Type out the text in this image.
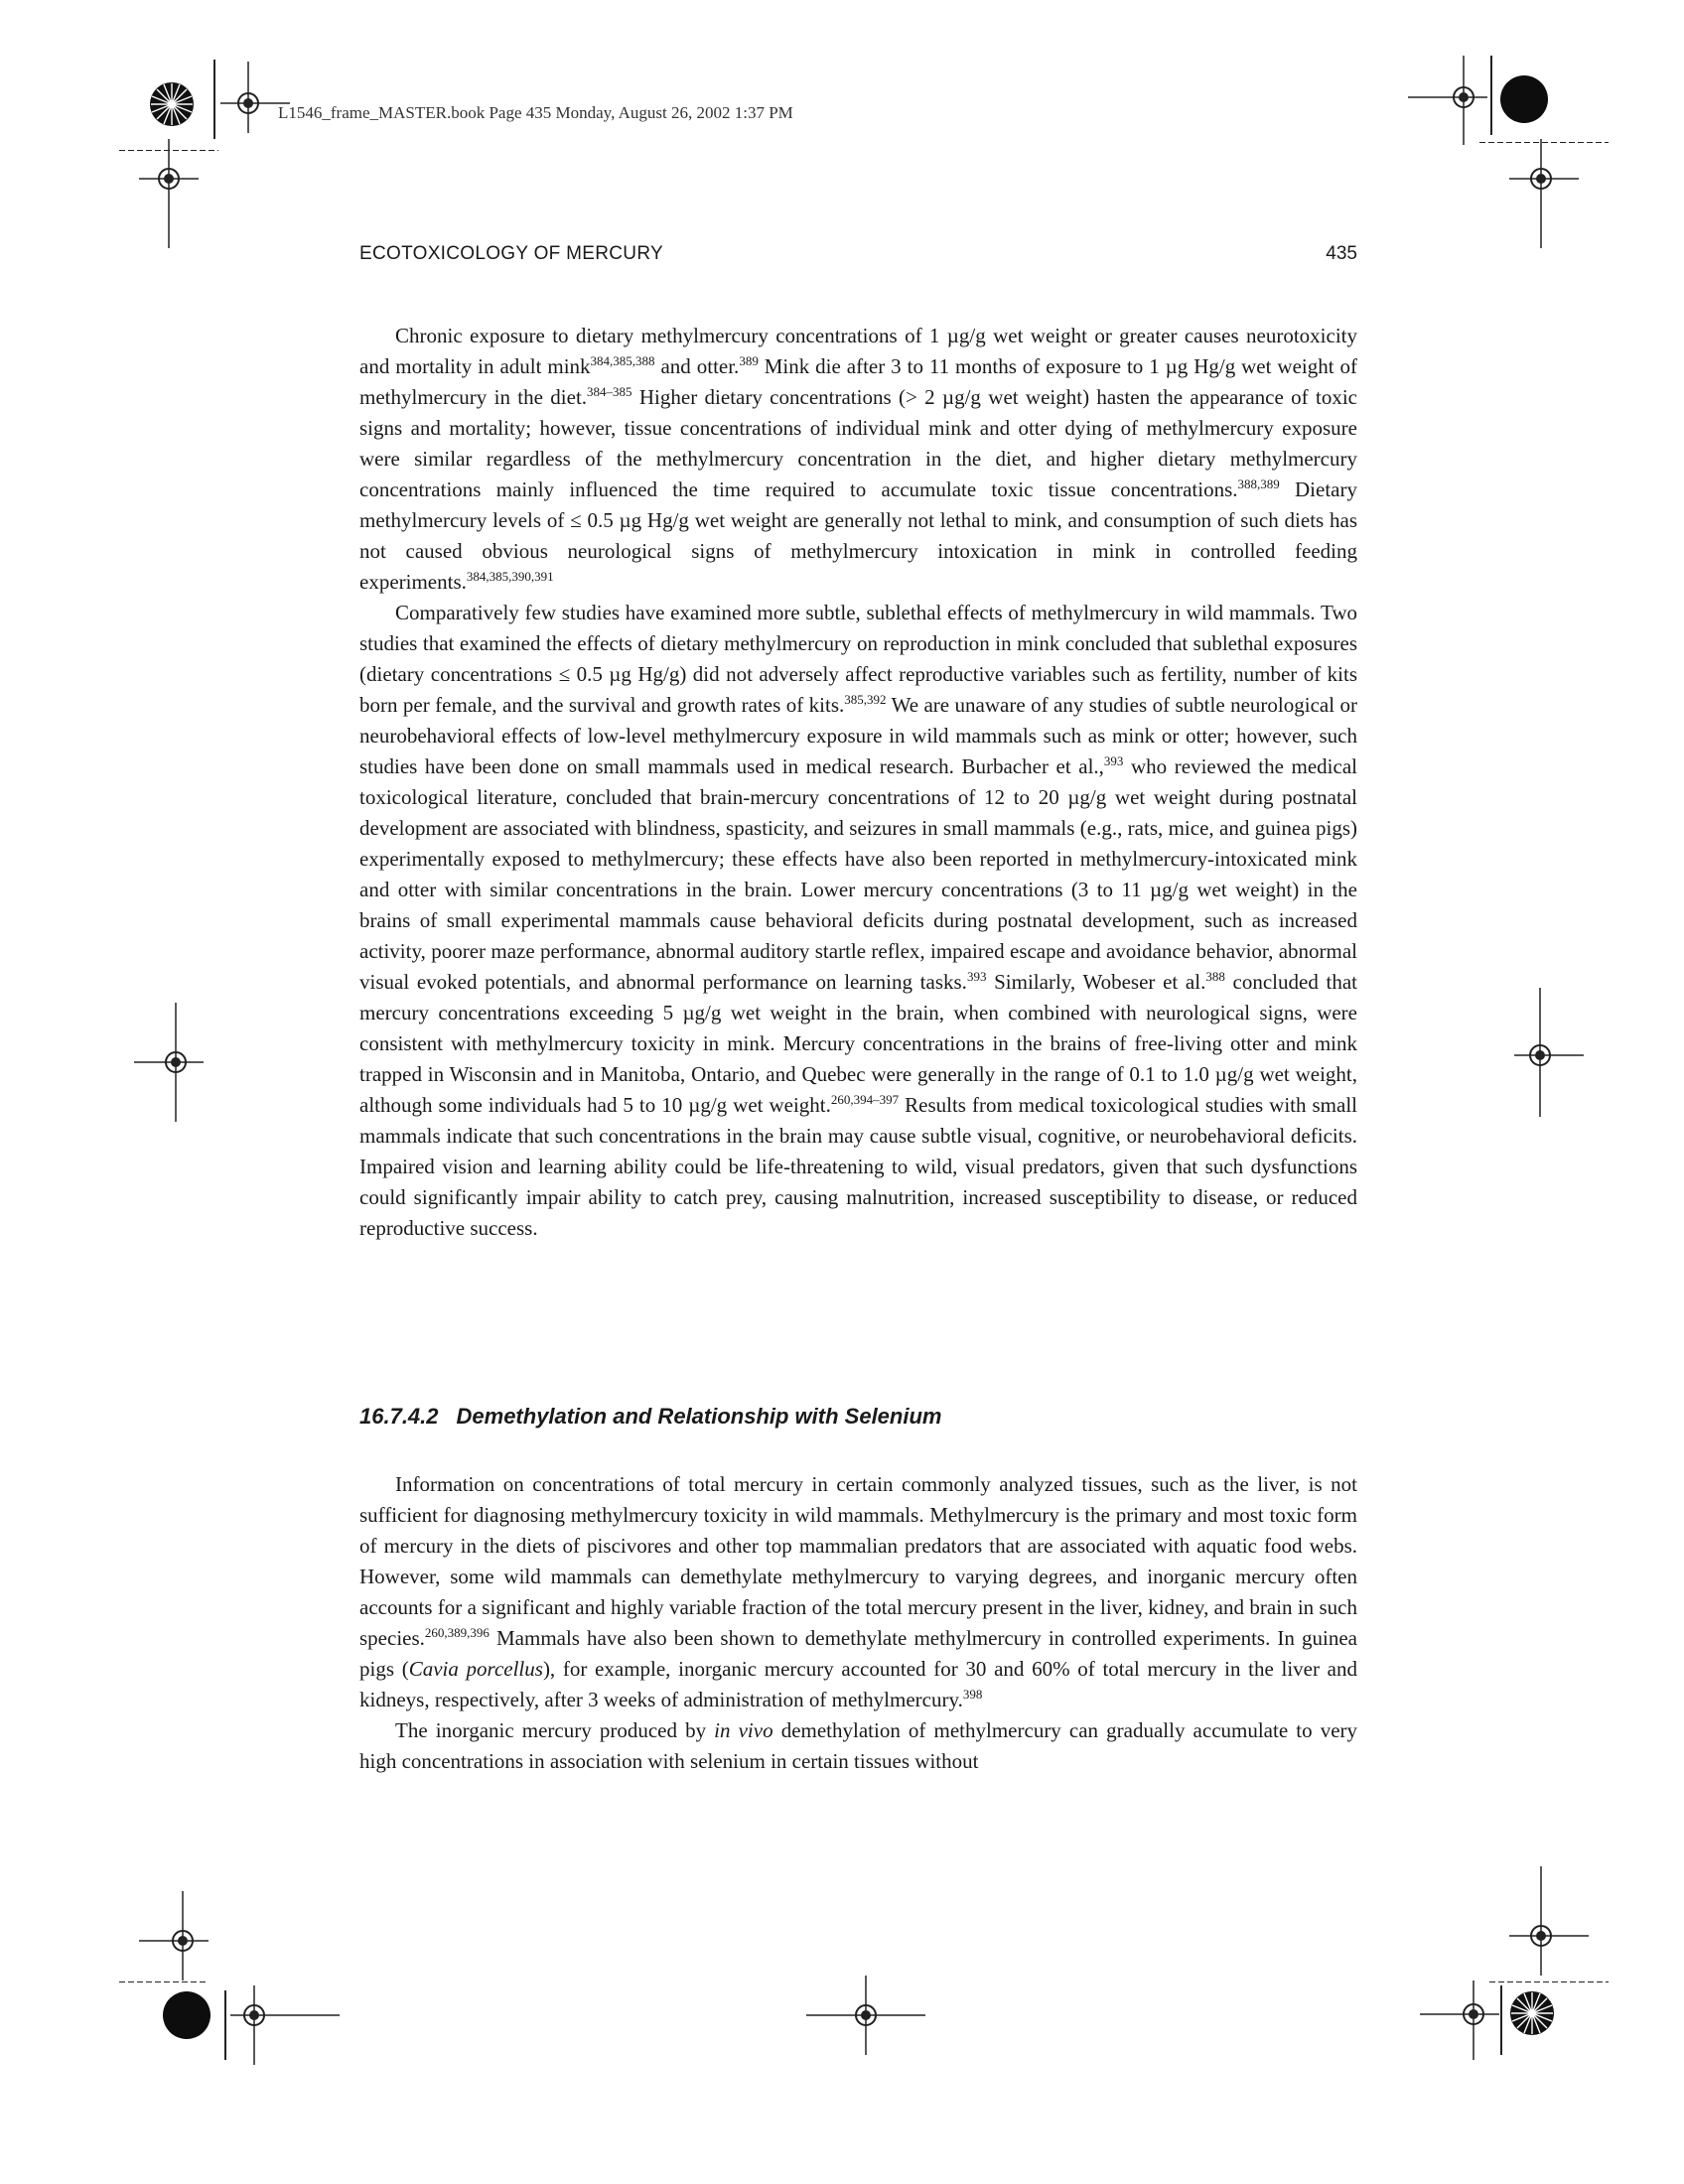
L1546_frame_MASTER.book Page 435 Monday, August 26, 2002 1:37 PM
ECOTOXICOLOGY OF MERCURY	435

Chronic exposure to dietary methylmercury concentrations of 1 µg/g wet weight or greater causes neurotoxicity and mortality in adult mink$^{384,385,388}$ and otter.$^{389}$ Mink die after 3 to 11 months of exposure to 1 µg Hg/g wet weight of methylmercury in the diet.$^{384-385}$ Higher dietary concentrations (> 2 µg/g wet weight) hasten the appearance of toxic signs and mortality; however, tissue concentrations of individual mink and otter dying of methylmercury exposure were similar regardless of the methylmercury concentration in the diet, and higher dietary methylmercury concentrations mainly influenced the time required to accumulate toxic tissue concentrations.$^{388,389}$ Dietary methylmercury levels of ≤ 0.5 µg Hg/g wet weight are generally not lethal to mink, and consumption of such diets has not caused obvious neurological signs of methylmercury intoxication in mink in controlled feeding experiments.$^{384,385,390,391}$

Comparatively few studies have examined more subtle, sublethal effects of methylmercury in wild mammals. Two studies that examined the effects of dietary methylmercury on reproduction in mink concluded that sublethal exposures (dietary concentrations ≤ 0.5 µg Hg/g) did not adversely affect reproductive variables such as fertility, number of kits born per female, and the survival and growth rates of kits.$^{385,392}$ We are unaware of any studies of subtle neurological or neurobehavioral effects of low-level methylmercury exposure in wild mammals such as mink or otter; however, such studies have been done on small mammals used in medical research. Burbacher et al.,$^{393}$ who reviewed the medical toxicological literature, concluded that brain-mercury concentrations of 12 to 20 µg/g wet weight during postnatal development are associated with blindness, spasticity, and seizures in small mammals (e.g., rats, mice, and guinea pigs) experimentally exposed to methylmercury; these effects have also been reported in methylmercury-intoxicated mink and otter with similar concentrations in the brain. Lower mercury concentrations (3 to 11 µg/g wet weight) in the brains of small experimental mammals cause behavioral deficits during postnatal development, such as increased activity, poorer maze performance, abnormal auditory startle reflex, impaired escape and avoidance behavior, abnormal visual evoked potentials, and abnormal performance on learning tasks.$^{393}$ Similarly, Wobeser et al.$^{388}$ concluded that mercury concentrations exceeding 5 µg/g wet weight in the brain, when combined with neurological signs, were consistent with methylmercury toxicity in mink. Mercury concentrations in the brains of free-living otter and mink trapped in Wisconsin and in Manitoba, Ontario, and Quebec were generally in the range of 0.1 to 1.0 µg/g wet weight, although some individuals had 5 to 10 µg/g wet weight.$^{260,394-397}$ Results from medical toxicological studies with small mammals indicate that such concentrations in the brain may cause subtle visual, cognitive, or neurobehavioral deficits. Impaired vision and learning ability could be life-threatening to wild, visual predators, given that such dysfunctions could significantly impair ability to catch prey, causing malnutrition, increased susceptibility to disease, or reduced reproductive success.

16.7.4.2 Demethylation and Relationship with Selenium

Information on concentrations of total mercury in certain commonly analyzed tissues, such as the liver, is not sufficient for diagnosing methylmercury toxicity in wild mammals. Methylmercury is the primary and most toxic form of mercury in the diets of piscivores and other top mammalian predators that are associated with aquatic food webs. However, some wild mammals can demethylate methylmercury to varying degrees, and inorganic mercury often accounts for a significant and highly variable fraction of the total mercury present in the liver, kidney, and brain in such species.$^{260,389,396}$ Mammals have also been shown to demethylate methylmercury in controlled experiments. In guinea pigs (Cavia porcellus), for example, inorganic mercury accounted for 30 and 60% of total mercury in the liver and kidneys, respectively, after 3 weeks of administration of methylmercury.$^{398}$

The inorganic mercury produced by in vivo demethylation of methylmercury can gradually accumulate to very high concentrations in association with selenium in certain tissues without
